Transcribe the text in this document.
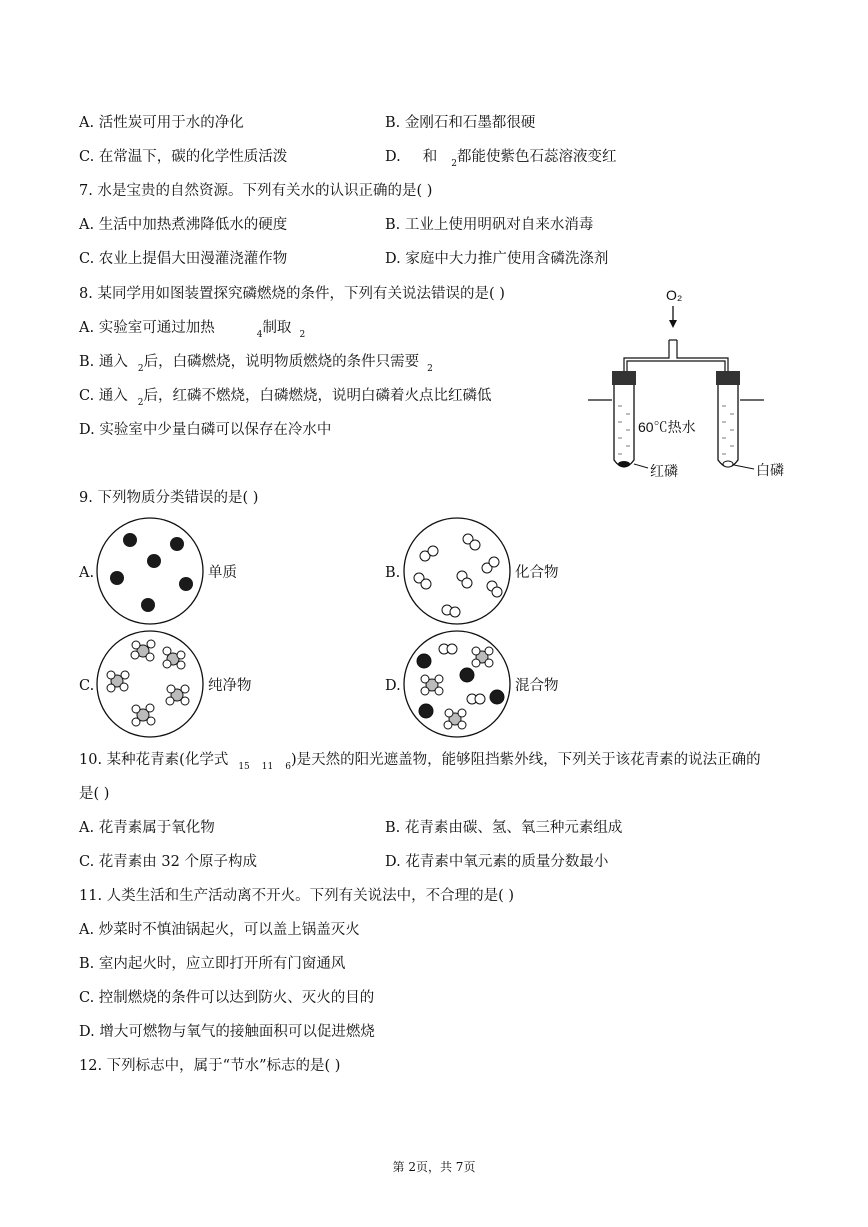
A. 活性炭可用于水的净化	B. 金刚石和石墨都很硬
C. 在常温下，碳的化学性质活泼	D. 和 2都能使紫色石蕊溶液变红
7. 水是宝贵的自然资源。下列有关水的认识正确的是( )
A. 生活中加热煮沸降低水的硬度	B. 工业上使用明矾对自来水消毒
C. 农业上提倡大田漫灌浇灌作物	D. 家庭中大力推广使用含磷洗涤剂
8. 某同学用如图装置探究磷燃烧的条件，下列有关说法错误的是( )
A. 实验室可通过加热	4制取 2
B. 通入 2后，白磷燃烧，说明物质燃烧的条件只需要 2
C. 通入 2后，红磷不燃烧，白磷燃烧，说明白磷着火点比红磷低
D. 实验室中少量白磷可以保存在冷水中
O₂
60℃热水
红磷	白磷
9. 下列物质分类错误的是( )
A.	单质	B.	化合物
C.	纯净物	D.	混合物
10. 某种花青素(化学式 15 11 6)是天然的阳光遮盖物，能够阻挡紫外线，下列关于该花青素的说法正确的
是( )
A. 花青素属于氧化物	B. 花青素由碳、氢、氧三种元素组成
C. 花青素由 32 个原子构成	D. 花青素中氧元素的质量分数最小
11. 人类生活和生产活动离不开火。下列有关说法中，不合理的是( )
A. 炒菜时不慎油锅起火，可以盖上锅盖灭火
B. 室内起火时，应立即打开所有门窗通风
C. 控制燃烧的条件可以达到防火、灭火的目的
D. 增大可燃物与氧气的接触面积可以促进燃烧
12. 下列标志中，属于“节水”标志的是( )
第 2页，共 7页
